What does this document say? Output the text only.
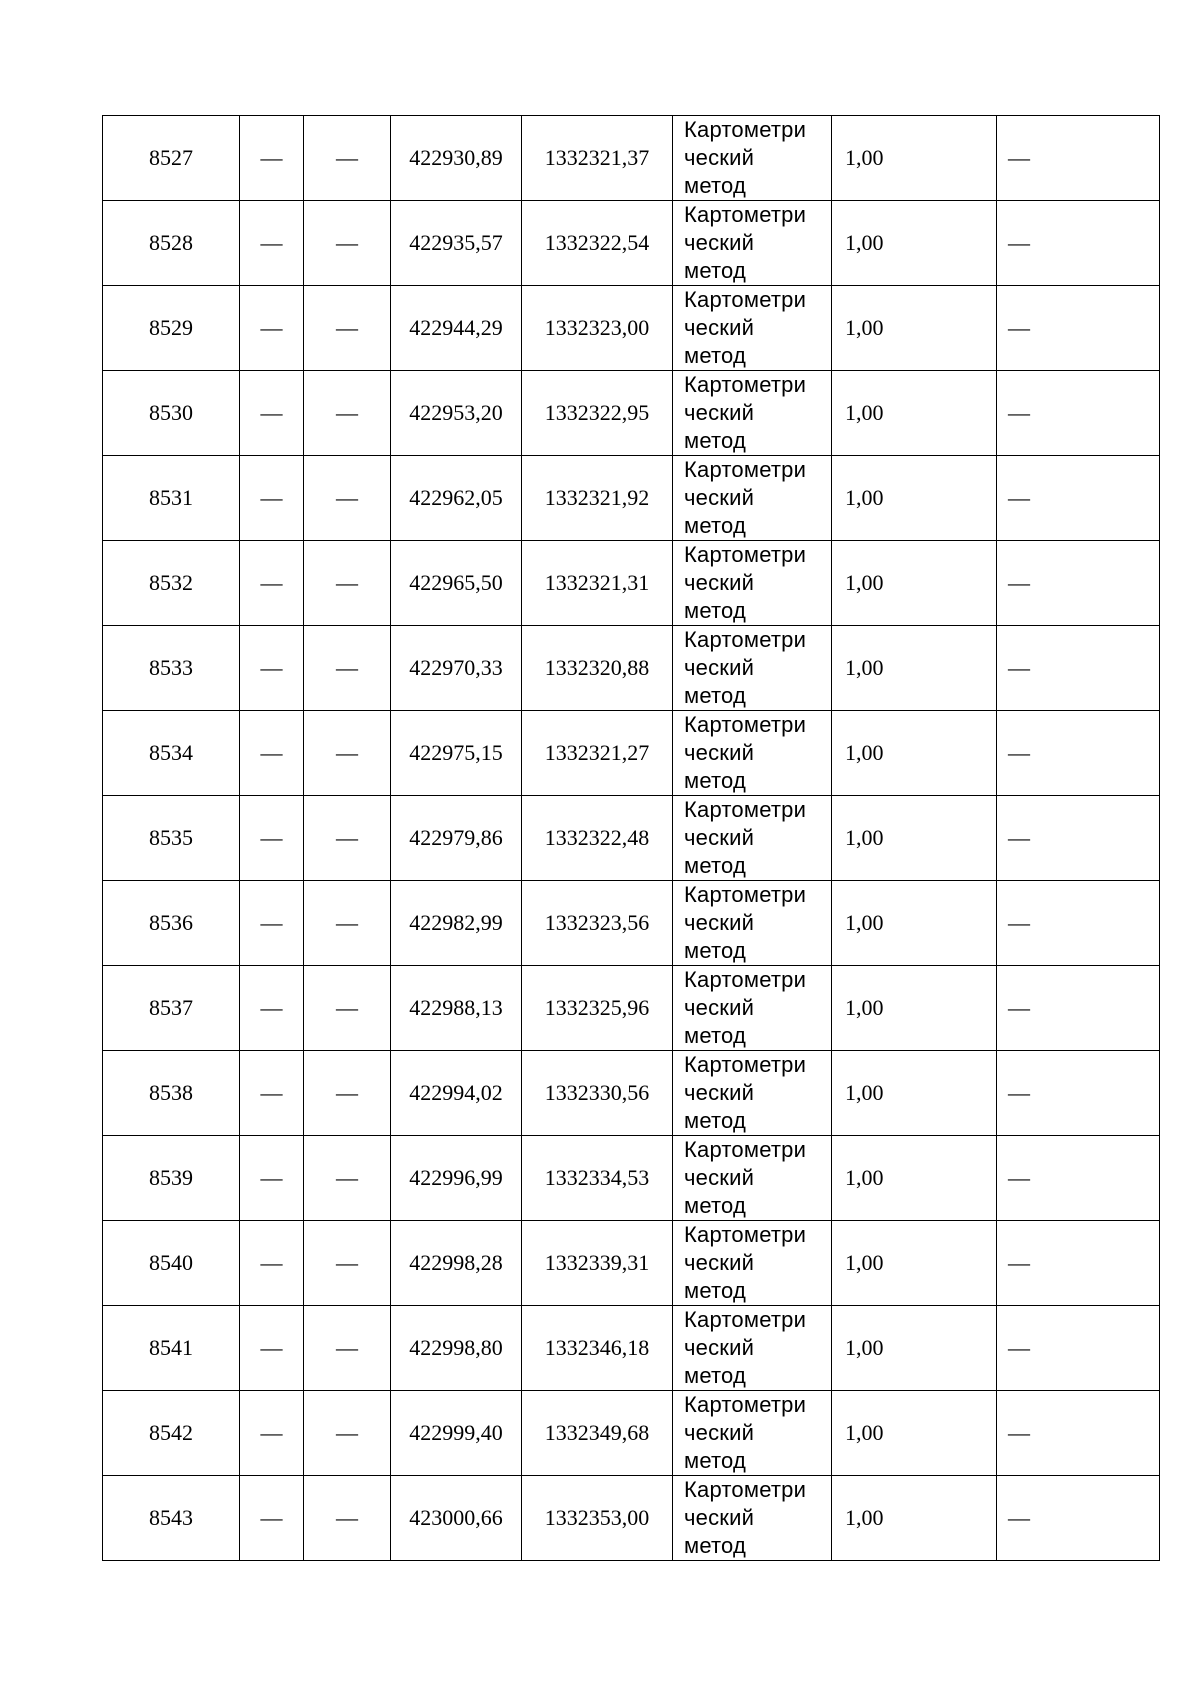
8527	—	—	422930,89	1332321,37	Картометри
ческий
метод	1,00	—
8528	—	—	422935,57	1332322,54	Картометри
ческий
метод	1,00	—
8529	—	—	422944,29	1332323,00	Картометри
ческий
метод	1,00	—
8530	—	—	422953,20	1332322,95	Картометри
ческий
метод	1,00	—
8531	—	—	422962,05	1332321,92	Картометри
ческий
метод	1,00	—
8532	—	—	422965,50	1332321,31	Картометри
ческий
метод	1,00	—
8533	—	—	422970,33	1332320,88	Картометри
ческий
метод	1,00	—
8534	—	—	422975,15	1332321,27	Картометри
ческий
метод	1,00	—
8535	—	—	422979,86	1332322,48	Картометри
ческий
метод	1,00	—
8536	—	—	422982,99	1332323,56	Картометри
ческий
метод	1,00	—
8537	—	—	422988,13	1332325,96	Картометри
ческий
метод	1,00	—
8538	—	—	422994,02	1332330,56	Картометри
ческий
метод	1,00	—
8539	—	—	422996,99	1332334,53	Картометри
ческий
метод	1,00	—
8540	—	—	422998,28	1332339,31	Картометри
ческий
метод	1,00	—
8541	—	—	422998,80	1332346,18	Картометри
ческий
метод	1,00	—
8542	—	—	422999,40	1332349,68	Картометри
ческий
метод	1,00	—
8543	—	—	423000,66	1332353,00	Картометри
ческий
метод	1,00	—
